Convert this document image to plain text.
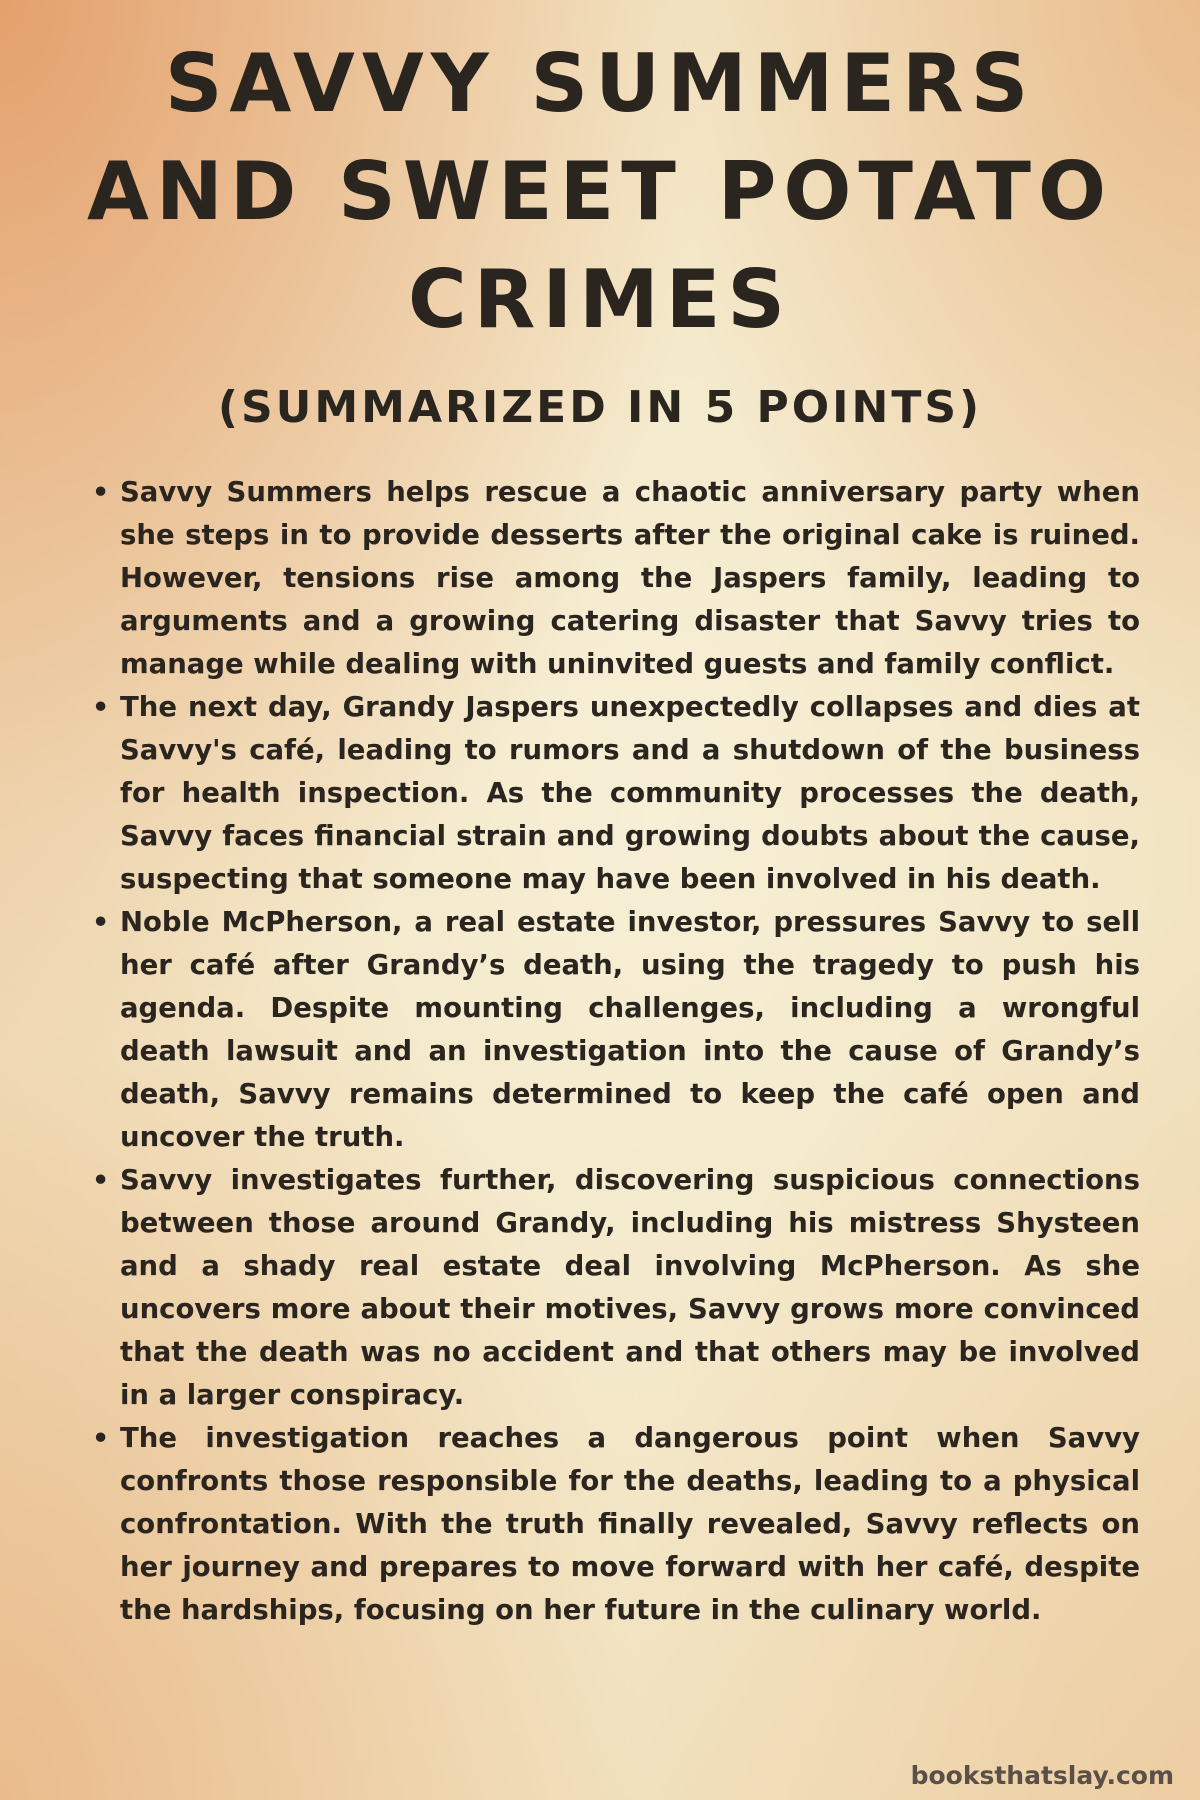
SAVVY SUMMERS AND SWEET POTATO CRIMES
(SUMMARIZED IN 5 POINTS)
• Savvy Summers helps rescue a chaotic anniversary party when she steps in to provide desserts after the original cake is ruined. However, tensions rise among the Jaspers family, leading to arguments and a growing catering disaster that Savvy tries to manage while dealing with uninvited guests and family conflict.
• The next day, Grandy Jaspers unexpectedly collapses and dies at Savvy's café, leading to rumors and a shutdown of the business for health inspection. As the community processes the death, Savvy faces financial strain and growing doubts about the cause, suspecting that someone may have been involved in his death.
• Noble McPherson, a real estate investor, pressures Savvy to sell her café after Grandy’s death, using the tragedy to push his agenda. Despite mounting challenges, including a wrongful death lawsuit and an investigation into the cause of Grandy’s death, Savvy remains determined to keep the café open and uncover the truth.
• Savvy investigates further, discovering suspicious connections between those around Grandy, including his mistress Shysteen and a shady real estate deal involving McPherson. As she uncovers more about their motives, Savvy grows more convinced that the death was no accident and that others may be involved in a larger conspiracy.
• The investigation reaches a dangerous point when Savvy confronts those responsible for the deaths, leading to a physical confrontation. With the truth finally revealed, Savvy reflects on her journey and prepares to move forward with her café, despite the hardships, focusing on her future in the culinary world.
booksthatslay.com
